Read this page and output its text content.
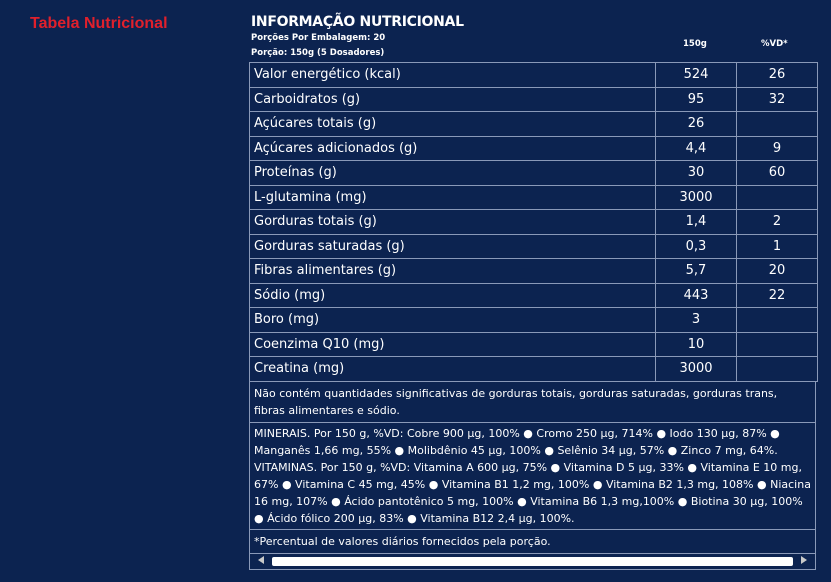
Tabela Nutricional	INFORMAÇÃO NUTRICIONAL
Porções Por Embalagem: 20
Porção: 150g (5 Dosadores)
150g	%VD*
Valor energético (kcal)	524	26
Carboidratos (g)	95	32
Açúcares totais (g)	26	
Açúcares adicionados (g)	4,4	9
Proteínas (g)	30	60
L-glutamina (mg)	3000	
Gorduras totais (g)	1,4	2
Gorduras saturadas (g)	0,3	1
Fibras alimentares (g)	5,7	20
Sódio (mg)	443	22
Boro (mg)	3	
Coenzima Q10 (mg)	10	
Creatina (mg)	3000	
Não contém quantidades significativas de gorduras totais, gorduras saturadas, gorduras trans, fibras alimentares e sódio.
MINERAIS. Por 150 g, %VD: Cobre 900 µg, 100% ● Cromo 250 µg, 714% ● Iodo 130 µg, 87% ● Manganês 1,66 mg, 55% ● Molibdênio 45 µg, 100% ● Selênio 34 µg, 57% ● Zinco 7 mg, 64%. VITAMINAS. Por 150 g, %VD: Vitamina A 600 µg, 75% ● Vitamina D 5 µg, 33% ● Vitamina E 10 mg, 67% ● Vitamina C 45 mg, 45% ● Vitamina B1 1,2 mg, 100% ● Vitamina B2 1,3 mg, 108% ● Niacina 16 mg, 107% ● Ácido pantotênico 5 mg, 100% ● Vitamina B6 1,3 mg,100% ● Biotina 30 µg, 100% ● Ácido fólico 200 µg, 83% ● Vitamina B12 2,4 µg, 100%.
*Percentual de valores diários fornecidos pela porção.
